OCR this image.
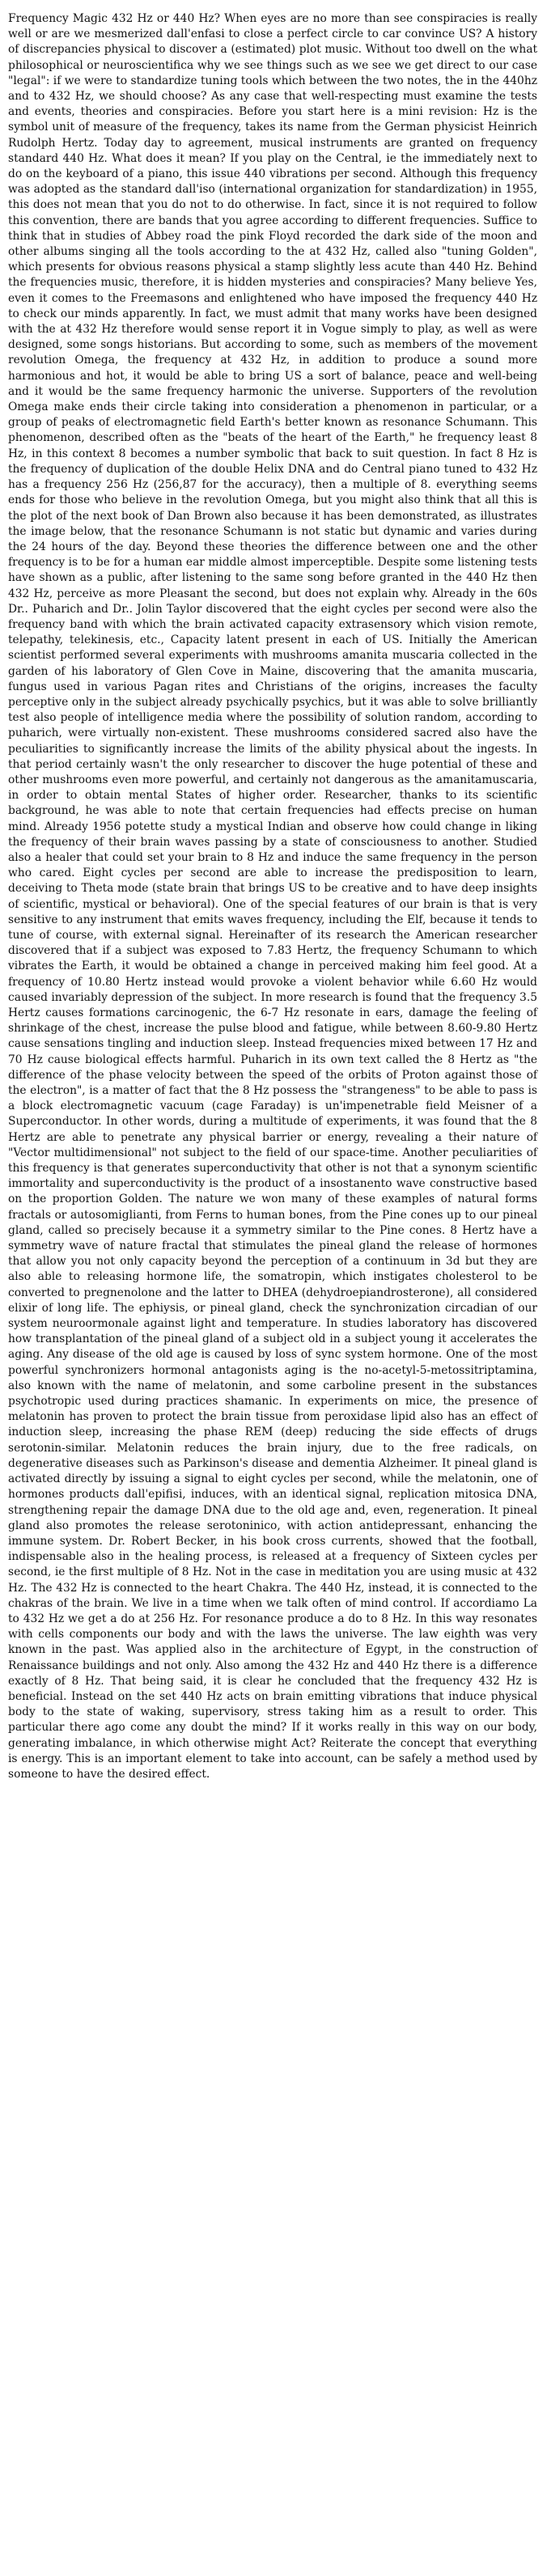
Frequency Magic 432 Hz or 440 Hz? When eyes are no more than see conspiracies is really well or are we mesmerized dall'enfasi to close a perfect circle to car convince US? A history of discrepancies physical to discover a (estimated) plot music. Without too dwell on the what philosophical or neuroscientifica why we see things such as we see we get direct to our case "legal": if we were to standardize tuning tools which between the two notes, the in the 440hz and to 432 Hz, we should choose? As any case that well-respecting must examine the tests and events, theories and conspiracies. Before you start here is a mini revision: Hz is the symbol unit of measure of the frequency, takes its name from the German physicist Heinrich Rudolph Hertz. Today day to agreement, musical instruments are granted on frequency standard 440 Hz. What does it mean? If you play on the Central, ie the immediately next to do on the keyboard of a piano, this issue 440 vibrations per second. Although this frequency was adopted as the standard dall'iso (international organization for standardization) in 1955, this does not mean that you do not to do otherwise. In fact, since it is not required to follow this convention, there are bands that you agree according to different frequencies. Suffice to think that in studies of Abbey road the pink Floyd recorded the dark side of the moon and other albums singing all the tools according to the at 432 Hz, called also "tuning Golden", which presents for obvious reasons physical a stamp slightly less acute than 440 Hz. Behind the frequencies music, therefore, it is hidden mysteries and conspiracies? Many believe Yes, even it comes to the Freemasons and enlightened who have imposed the frequency 440 Hz to check our minds apparently. In fact, we must admit that many works have been designed with the at 432 Hz therefore would sense report it in Vogue simply to play, as well as were designed, some songs historians. But according to some, such as members of the movement revolution Omega, the frequency at 432 Hz, in addition to produce a sound more harmonious and hot, it would be able to bring US a sort of balance, peace and well-being and it would be the same frequency harmonic the universe. Supporters of the revolution Omega make ends their circle taking into consideration a phenomenon in particular, or a group of peaks of electromagnetic field Earth's better known as resonance Schumann. This phenomenon, described often as the "beats of the heart of the Earth," he frequency least 8 Hz, in this context 8 becomes a number symbolic that back to suit question. In fact 8 Hz is the frequency of duplication of the double Helix DNA and do Central piano tuned to 432 Hz has a frequency 256 Hz (256,87 for the accuracy), then a multiple of 8. everything seems ends for those who believe in the revolution Omega, but you might also think that all this is the plot of the next book of Dan Brown also because it has been demonstrated, as illustrates the image below, that the resonance Schumann is not static but dynamic and varies during the 24 hours of the day. Beyond these theories the difference between one and the other frequency is to be for a human ear middle almost imperceptible. Despite some listening tests have shown as a public, after listening to the same song before granted in the 440 Hz then 432 Hz, perceive as more Pleasant the second, but does not explain why. Already in the 60s Dr.. Puharich and Dr.. Jolin Taylor discovered that the eight cycles per second were also the frequency band with which the brain activated capacity extrasensory which vision remote, telepathy, telekinesis, etc., Capacity latent present in each of US. Initially the American scientist performed several experiments with mushrooms amanita muscaria collected in the garden of his laboratory of Glen Cove in Maine, discovering that the amanita muscaria, fungus used in various Pagan rites and Christians of the origins, increases the faculty perceptive only in the subject already psychically psychics, but it was able to solve brilliantly test also people of intelligence media where the possibility of solution random, according to puharich, were virtually non-existent. These mushrooms considered sacred also have the peculiarities to significantly increase the limits of the ability physical about the ingests. In that period certainly wasn't the only researcher to discover the huge potential of these and other mushrooms even more powerful, and certainly not dangerous as the amanitamuscaria, in order to obtain mental States of higher order. Researcher, thanks to its scientific background, he was able to note that certain frequencies had effects precise on human mind. Already 1956 potette study a mystical Indian and observe how could change in liking the frequency of their brain waves passing by a state of consciousness to another. Studied also a healer that could set your brain to 8 Hz and induce the same frequency in the person who cared. Eight cycles per second are able to increase the predisposition to learn, deceiving to Theta mode (state brain that brings US to be creative and to have deep insights of scientific, mystical or behavioral). One of the special features of our brain is that is very sensitive to any instrument that emits waves frequency, including the Elf, because it tends to tune of course, with external signal. Hereinafter of its research the American researcher discovered that if a subject was exposed to 7.83 Hertz, the frequency Schumann to which vibrates the Earth, it would be obtained a change in perceived making him feel good. At a frequency of 10.80 Hertz instead would provoke a violent behavior while 6.60 Hz would caused invariably depression of the subject. In more research is found that the frequency 3.5 Hertz causes formations carcinogenic, the 6-7 Hz resonate in ears, damage the feeling of shrinkage of the chest, increase the pulse blood and fatigue, while between 8.60-9.80 Hertz cause sensations tingling and induction sleep. Instead frequencies mixed between 17 Hz and 70 Hz cause biological effects harmful. Puharich in its own text called the 8 Hertz as "the difference of the phase velocity between the speed of the orbits of Proton against those of the electron", is a matter of fact that the 8 Hz possess the "strangeness" to be able to pass is a block electromagnetic vacuum (cage Faraday) is un'impenetrable field Meisner of a Superconductor. In other words, during a multitude of experiments, it was found that the 8 Hertz are able to penetrate any physical barrier or energy, revealing a their nature of "Vector multidimensional" not subject to the field of our space-time. Another peculiarities of this frequency is that generates superconductivity that other is not that a synonym scientific immortality and superconductivity is the product of a insostanento wave constructive based on the proportion Golden. The nature we won many of these examples of natural forms fractals or autosomiglianti, from Ferns to human bones, from the Pine cones up to our pineal gland, called so precisely because it a symmetry similar to the Pine cones. 8 Hertz have a symmetry wave of nature fractal that stimulates the pineal gland the release of hormones that allow you not only capacity beyond the perception of a continuum in 3d but they are also able to releasing hormone life, the somatropin, which instigates cholesterol to be converted to pregnenolone and the latter to DHEA (dehydroepiandrosterone), all considered elixir of long life. The ephiysis, or pineal gland, check the synchronization circadian of our system neuroormonale against light and temperature. In studies laboratory has discovered how transplantation of the pineal gland of a subject old in a subject young it accelerates the aging. Any disease of the old age is caused by loss of sync system hormone. One of the most powerful synchronizers hormonal antagonists aging is the no-acetyl-5-metossitriptamina, also known with the name of melatonin, and some carboline present in the substances psychotropic used during practices shamanic. In experiments on mice, the presence of melatonin has proven to protect the brain tissue from peroxidase lipid also has an effect of induction sleep, increasing the phase REM (deep) reducing the side effects of drugs serotonin-similar. Melatonin reduces the brain injury, due to the free radicals, on degenerative diseases such as Parkinson's disease and dementia Alzheimer. It pineal gland is activated directly by issuing a signal to eight cycles per second, while the melatonin, one of hormones products dall'epifisi, induces, with an identical signal, replication mitosica DNA, strengthening repair the damage DNA due to the old age and, even, regeneration. It pineal gland also promotes the release serotoninico, with action antidepressant, enhancing the immune system. Dr. Robert Becker, in his book cross currents, showed that the football, indispensable also in the healing process, is released at a frequency of Sixteen cycles per second, ie the first multiple of 8 Hz. Not in the case in meditation you are using music at 432 Hz. The 432 Hz is connected to the heart Chakra. The 440 Hz, instead, it is connected to the chakras of the brain. We live in a time when we talk often of mind control. If accordiamo La to 432 Hz we get a do at 256 Hz. For resonance produce a do to 8 Hz. In this way resonates with cells components our body and with the laws the universe. The law eighth was very known in the past. Was applied also in the architecture of Egypt, in the construction of Renaissance buildings and not only. Also among the 432 Hz and 440 Hz there is a difference exactly of 8 Hz. That being said, it is clear he concluded that the frequency 432 Hz is beneficial. Instead on the set 440 Hz acts on brain emitting vibrations that induce physical body to the state of waking, supervisory, stress taking him as a result to order. This particular there ago come any doubt the mind? If it works really in this way on our body, generating imbalance, in which otherwise might Act? Reiterate the concept that everything is energy. This is an important element to take into account, can be safely a method used by someone to have the desired effect.
